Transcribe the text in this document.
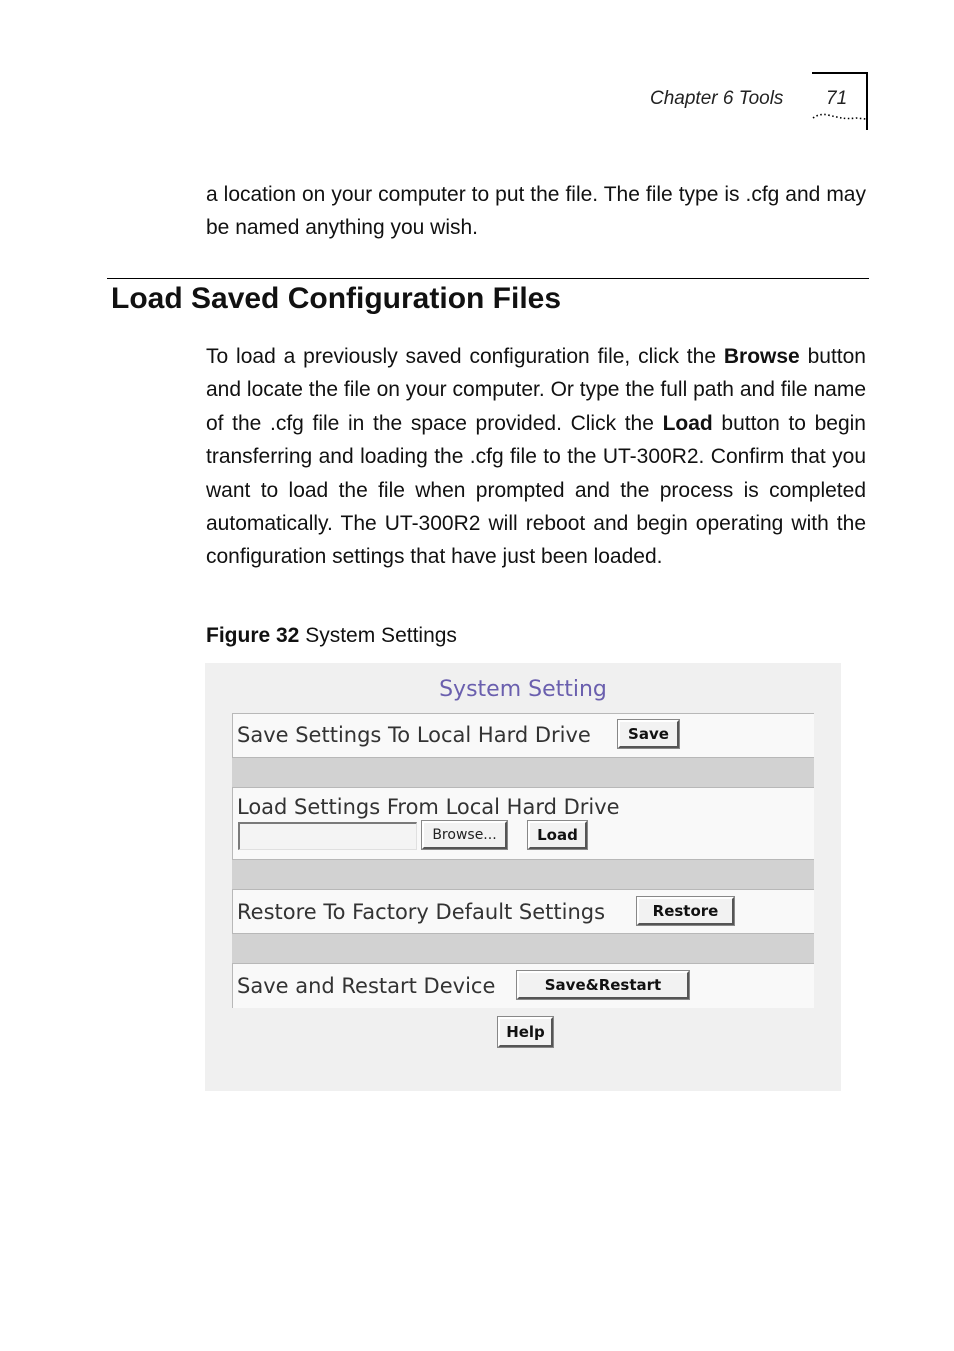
Chapter 6 Tools 71
a location on your computer to put the file. The file type is .cfg and may be named anything you wish.
Load Saved Configuration Files
To load a previously saved configuration file, click the Browse button and locate the file on your computer. Or type the full path and file name of the .cfg file in the space provided. Click the Load button to begin transferring and loading the .cfg file to the UT-300R2. Confirm that you want to load the file when prompted and the process is completed automatically. The UT-300R2 will reboot and begin operating with the configuration settings that have just been loaded.
Figure 32 System Settings
System Setting
Save Settings To Local Hard Drive	Save
Load Settings From Local Hard Drive
Browse...	Load
Restore To Factory Default Settings	Restore
Save and Restart Device	Save&Restart
Help
